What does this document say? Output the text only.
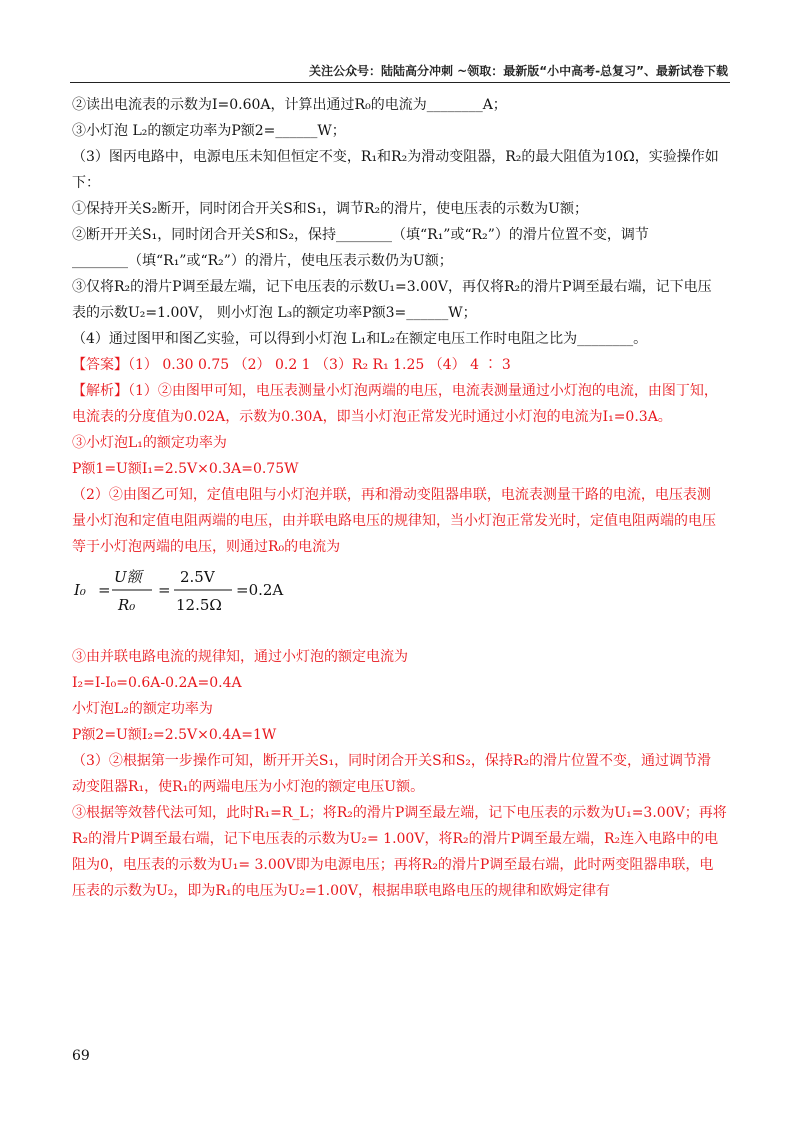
关注公众号：陆陆高分冲刺 ~领取：最新版“小中高考-总复习”、最新试卷下载
②读出电流表的示数为I=0.60A，计算出通过R₀的电流为________A；
③小灯泡 L₂的额定功率为P额2=______W；
（3）图丙电路中，电源电压未知但恒定不变，R₁和R₂为滑动变阻器，R₂的最大阻值为10Ω，实验操作如
下：
①保持开关S₂断开，同时闭合开关S和S₁，调节R₂的滑片，使电压表的示数为U额；
②断开开关S₁，同时闭合开关S和S₂，保持________（填“R₁”或“R₂”）的滑片位置不变，调节
________（填“R₁”或“R₂”）的滑片，使电压表示数仍为U额；
③仅将R₂的滑片P调至最左端，记下电压表的示数U₁=3.00V，再仅将R₂的滑片P调至最右端，记下电压
表的示数U₂=1.00V， 则小灯泡 L₃的额定功率P额3=______W；
（4）通过图甲和图乙实验，可以得到小灯泡 L₁和L₂在额定电压工作时电阻之比为________。
【答案】（1） 0.30 0.75 （2） 0.2 1 （3）R₂ R₁ 1.25 （4） 4 ∶ 3
【解析】（1）②由图甲可知，电压表测量小灯泡两端的电压，电流表测量通过小灯泡的电流，由图丁知，
电流表的分度值为0.02A，示数为0.30A，即当小灯泡正常发光时通过小灯泡的电流为I₁=0.3A。
③小灯泡L₁的额定功率为
P额1=U额I₁=2.5V×0.3A=0.75W
（2）②由图乙可知，定值电阻与小灯泡并联，再和滑动变阻器串联，电流表测量干路的电流，电压表测
量小灯泡和定值电阻两端的电压，由并联电路电压的规律知，当小灯泡正常发光时，定值电阻两端的电压
等于小灯泡两端的电压，则通过R₀的电流为
I₀ =
U额
R₀
=
2.5V
12.5Ω
=0.2A
③由并联电路电流的规律知，通过小灯泡的额定电流为
I₂=I-I₀=0.6A-0.2A=0.4A
小灯泡L₂的额定功率为
P额2=U额I₂=2.5V×0.4A=1W
（3）②根据第一步操作可知，断开开关S₁，同时闭合开关S和S₂，保持R₂的滑片位置不变，通过调节滑
动变阻器R₁，使R₁的两端电压为小灯泡的额定电压U额。
③根据等效替代法可知，此时R₁=R_L；将R₂的滑片P调至最左端，记下电压表的示数为U₁=3.00V；再将
R₂的滑片P调至最右端，记下电压表的示数为U₂= 1.00V，将R₂的滑片P调至最左端，R₂连入电路中的电
阻为0，电压表的示数为U₁= 3.00V即为电源电压；再将R₂的滑片P调至最右端，此时两变阻器串联，电
压表的示数为U₂，即为R₁的电压为U₂=1.00V，根据串联电路电压的规律和欧姆定律有
69
